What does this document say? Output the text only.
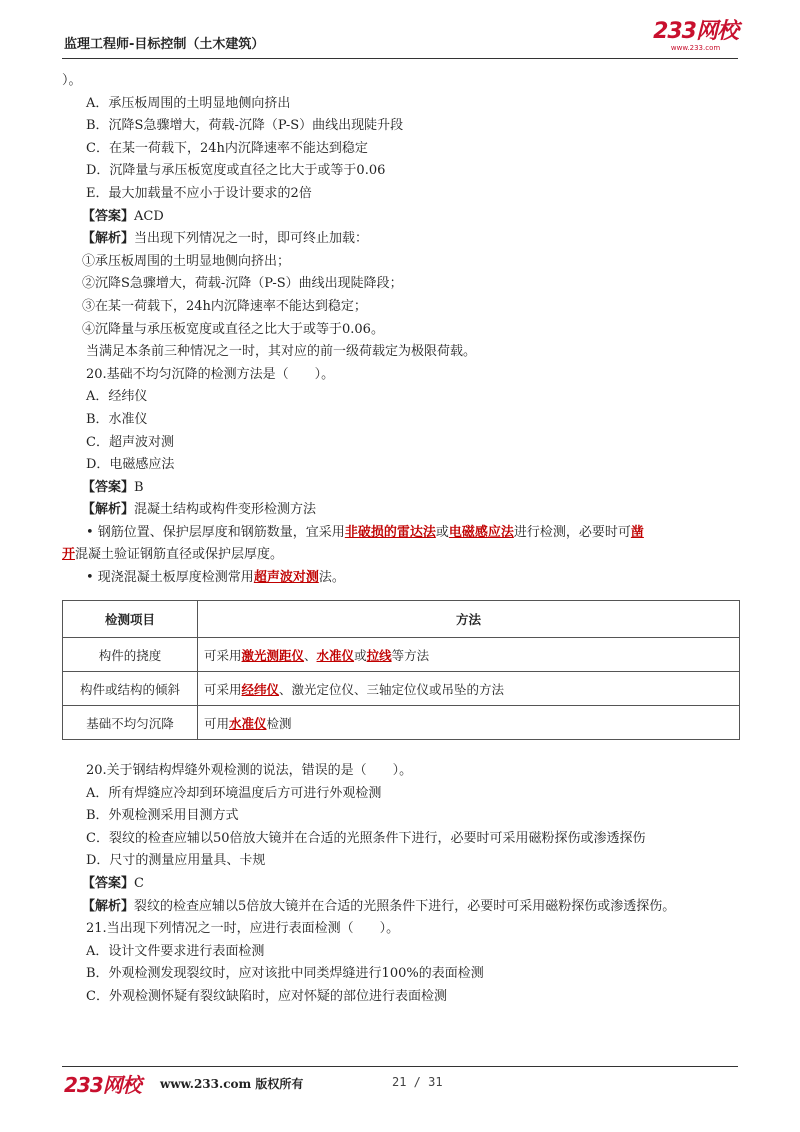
监理工程师-目标控制（土木建筑）
233网校
www.233.com
）。
A．承压板周围的土明显地侧向挤出
B．沉降S急骤增大，荷载-沉降（P-S）曲线出现陡升段
C．在某一荷载下，24h内沉降速率不能达到稳定
D．沉降量与承压板宽度或直径之比大于或等于0.06
E．最大加载量不应小于设计要求的2倍
【答案】ACD
【解析】当出现下列情况之一时，即可终止加载：
①承压板周围的土明显地侧向挤出；
②沉降S急骤增大，荷载-沉降（P-S）曲线出现陡降段；
③在某一荷载下，24h内沉降速率不能达到稳定；
④沉降量与承压板宽度或直径之比大于或等于0.06。
当满足本条前三种情况之一时，其对应的前一级荷载定为极限荷载。
20.基础不均匀沉降的检测方法是（　　）。
A．经纬仪
B．水准仪
C．超声波对测
D．电磁感应法
【答案】B
【解析】混凝土结构或构件变形检测方法
• 钢筋位置、保护层厚度和钢筋数量，宜采用非破损的雷达法或电磁感应法进行检测，必要时可凿
开混凝土验证钢筋直径或保护层厚度。
• 现浇混凝土板厚度检测常用超声波对测法。
检测项目	方法
构件的挠度	可采用激光测距仪、水准仪或拉线等方法
构件或结构的倾斜	可采用经纬仪、激光定位仪、三轴定位仪或吊坠的方法
基础不均匀沉降	可用水准仪检测
20.关于钢结构焊缝外观检测的说法，错误的是（　　）。
A．所有焊缝应冷却到环境温度后方可进行外观检测
B．外观检测采用目测方式
C．裂纹的检查应辅以50倍放大镜并在合适的光照条件下进行，必要时可采用磁粉探伤或渗透探伤
D．尺寸的测量应用量具、卡规
【答案】C
【解析】裂纹的检查应辅以5倍放大镜并在合适的光照条件下进行，必要时可采用磁粉探伤或渗透探伤。
21.当出现下列情况之一时，应进行表面检测（　　）。
A．设计文件要求进行表面检测
B．外观检测发现裂纹时，应对该批中同类焊缝进行100%的表面检测
C．外观检测怀疑有裂纹缺陷时，应对怀疑的部位进行表面检测
233网校 www.233.com 版权所有	21 / 31
